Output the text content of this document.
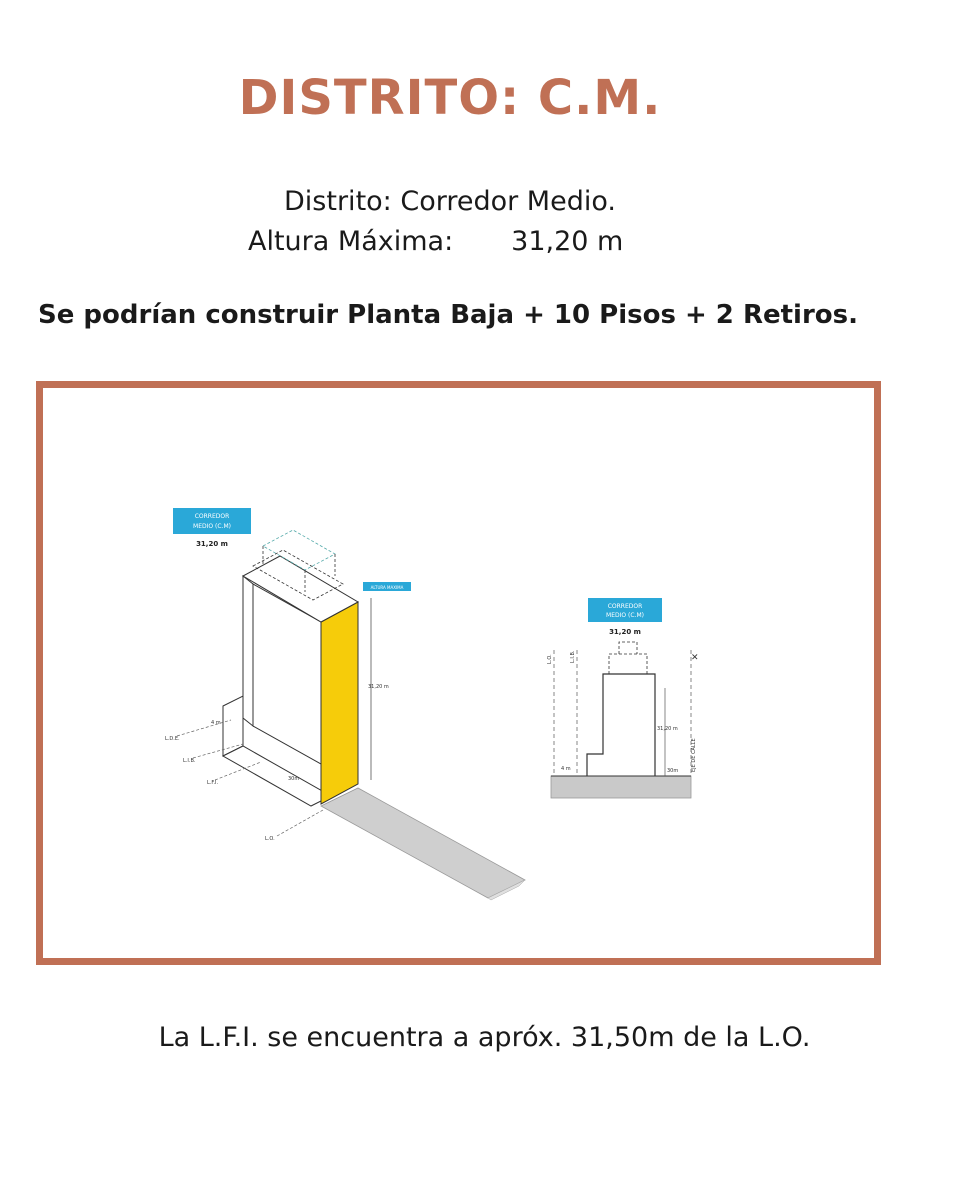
DISTRITO: C.M.
Distrito: Corredor Medio.
Altura Máxima: 31,20 m
Se podrían construir Planta Baja + 10 Pisos + 2 Retiros.
31,20 m
L.D.E.
L.I.B.
L.F.I.
L.O.
4 m
30m
CORREDOR
MEDIO (C.M)
31,20 m
ALTURA MAXIMA
L.O.	L.I.B.
4 m
31,20 m
30m	EJE DE CALLE
✕
CORREDOR
MEDIO (C.M)
31,20 m
La L.F.I. se encuentra a apróx. 31,50m de la L.O.
